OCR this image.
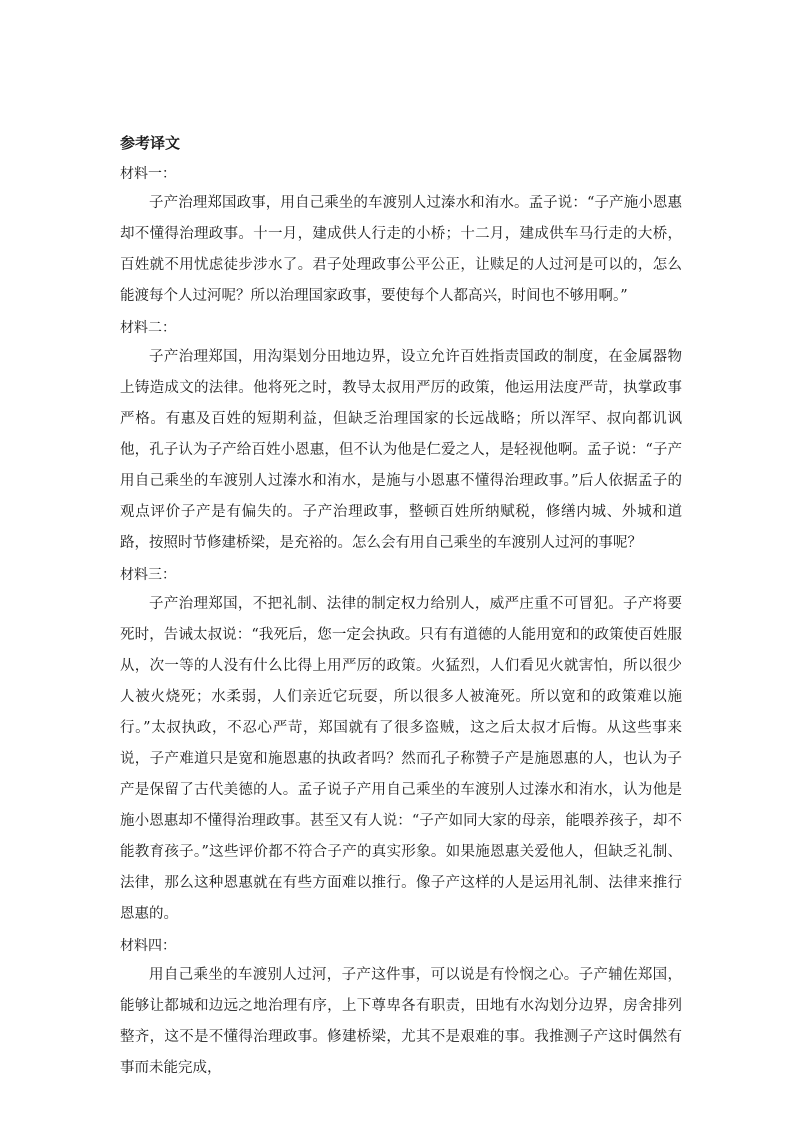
参考译文

材料一：

子产治理郑国政事，用自己乘坐的车渡别人过溱水和洧水。孟子说：“子产施小恩惠却不懂得治理政事。十一月，建成供人行走的小桥；十二月，建成供车马行走的大桥，百姓就不用忧虑徒步涉水了。君子处理政事公平公正，让赎足的人过河是可以的，怎么能渡每个人过河呢？所以治理国家政事，要使每个人都高兴，时间也不够用啊。”

材料二：

子产治理郑国，用沟渠划分田地边界，设立允许百姓指责国政的制度，在金属器物上铸造成文的法律。他将死之时，教导太叔用严厉的政策，他运用法度严苛，执掌政事严格。有惠及百姓的短期利益，但缺乏治理国家的长远战略；所以浑罕、叔向都讥讽他，孔子认为子产给百姓小恩惠，但不认为他是仁爱之人，是轻视他啊。孟子说：“子产用自己乘坐的车渡别人过溱水和洧水，是施与小恩惠不懂得治理政事。”后人依据孟子的观点评价子产是有偏失的。子产治理政事，整顿百姓所纳赋税，修缮内城、外城和道路，按照时节修建桥梁，是充裕的。怎么会有用自己乘坐的车渡别人过河的事呢？

材料三：

子产治理郑国，不把礼制、法律的制定权力给别人，威严庄重不可冒犯。子产将要死时，告诫太叔说：“我死后，您一定会执政。只有有道德的人能用宽和的政策使百姓服从，次一等的人没有什么比得上用严厉的政策。火猛烈，人们看见火就害怕，所以很少人被火烧死；水柔弱，人们亲近它玩耍，所以很多人被淹死。所以宽和的政策难以施行。”太叔执政，不忍心严苛，郑国就有了很多盗贼，这之后太叔才后悔。从这些事来说，子产难道只是宽和施恩惠的执政者吗？然而孔子称赞子产是施恩惠的人，也认为子产是保留了古代美德的人。孟子说子产用自己乘坐的车渡别人过溱水和洧水，认为他是施小恩惠却不懂得治理政事。甚至又有人说：“子产如同大家的母亲，能喂养孩子，却不能教育孩子。”这些评价都不符合子产的真实形象。如果施恩惠关爱他人，但缺乏礼制、法律，那么这种恩惠就在有些方面难以推行。像子产这样的人是运用礼制、法律来推行恩惠的。

材料四：

用自己乘坐的车渡别人过河，子产这件事，可以说是有怜悯之心。子产辅佐郑国，能够让都城和边远之地治理有序，上下尊卑各有职责，田地有水沟划分边界，房舍排列整齐，这不是不懂得治理政事。修建桥梁，尤其不是艰难的事。我推测子产这时偶然有事而未能完成，
